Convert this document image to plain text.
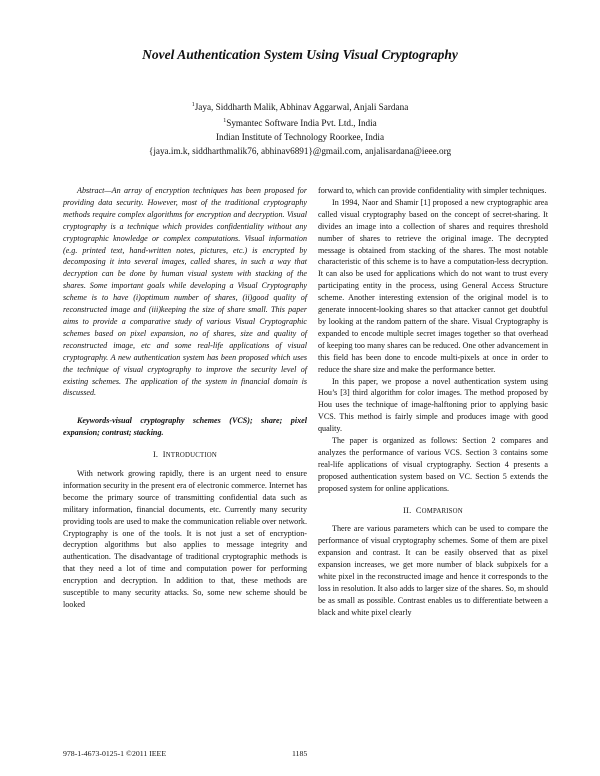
Novel Authentication System Using Visual Cryptography
$^1$Jaya, Siddharth Malik, Abhinav Aggarwal, Anjali Sardana
$^1$Symantec Software India Pvt. Ltd., India
Indian Institute of Technology Roorkee, India
{jaya.im.k, siddharthmalik76, abhinav6891}@gmail.com, anjalisardana@ieee.org

Abstract—An array of encryption techniques has been proposed for providing data security. However, most of the traditional cryptography methods require complex algorithms for encryption and decryption. Visual cryptography is a technique which provides confidentiality without any cryptographic knowledge or complex computations. Visual information (e.g. printed text, hand-written notes, pictures, etc.) is encrypted by decomposing it into several images, called shares, in such a way that decryption can be done by human visual system with stacking of the shares. Some important goals while developing a Visual Cryptography scheme is to have (i)optimum number of shares, (ii)good quality of reconstructed image and (iii)keeping the size of share small. This paper aims to provide a comparative study of various Visual Cryptographic schemes based on pixel expansion, no of shares, size and quality of reconstructed image, etc and some real-life applications of visual cryptography. A new authentication system has been proposed which uses the technique of visual cryptography to improve the security level of existing schemes. The application of the system in financial domain is discussed.

Keywords-visual cryptography schemes (VCS); share; pixel expansion; contrast; stacking.

I. INTRODUCTION

With network growing rapidly, there is an urgent need to ensure information security in the present era of electronic commerce. Internet has become the primary source of transmitting confidential data such as military information, financial documents, etc. Currently many security providing tools are used to make the communication reliable over network. Cryptography is one of the tools. It is not just a set of encryption-decryption algorithms but also applies to message integrity and authentication. The disadvantage of traditional cryptographic methods is that they need a lot of time and computation power for performing encryption and decryption. In addition to that, these methods are susceptible to many security attacks. So, some new scheme should be looked

forward to, which can provide confidentiality with simpler techniques.

In 1994, Naor and Shamir [1] proposed a new cryptographic area called visual cryptography based on the concept of secret-sharing. It divides an image into a collection of shares and requires threshold number of shares to retrieve the original image. The decrypted message is obtained from stacking of the shares. The most notable characteristic of this scheme is to have a computation-less decryption. It can also be used for applications which do not want to trust every participating entity in the process, using General Access Structure scheme. Another interesting extension of the original model is to generate innocent-looking shares so that attacker cannot get doubtful by looking at the random pattern of the share. Visual Cryptography is expanded to encode multiple secret images together so that overhead of keeping too many shares can be reduced. One other advancement in this field has been done to encode multi-pixels at once in order to reduce the share size and make the performance better.

In this paper, we propose a novel authentication system using Hou’s [3] third algorithm for color images. The method proposed by Hou uses the technique of image-halftoning prior to applying basic VCS. This method is fairly simple and produces image with good quality.

The paper is organized as follows: Section 2 compares and analyzes the performance of various VCS. Section 3 contains some real-life applications of visual cryptography. Section 4 presents a proposed authentication system based on VC. Section 5 extends the proposed system for online applications.

II. COMPARISON

There are various parameters which can be used to compare the performance of visual cryptography schemes. Some of them are pixel expansion and contrast. It can be easily observed that as pixel expansion increases, we get more number of black subpixels for a white pixel in the reconstructed image and hence it corresponds to the loss in resolution. It also adds to larger size of the shares. So, m should be as small as possible. Contrast enables us to differentiate between a black and white pixel clearly

978-1-4673-0125-1 ©2011 IEEE	1185
